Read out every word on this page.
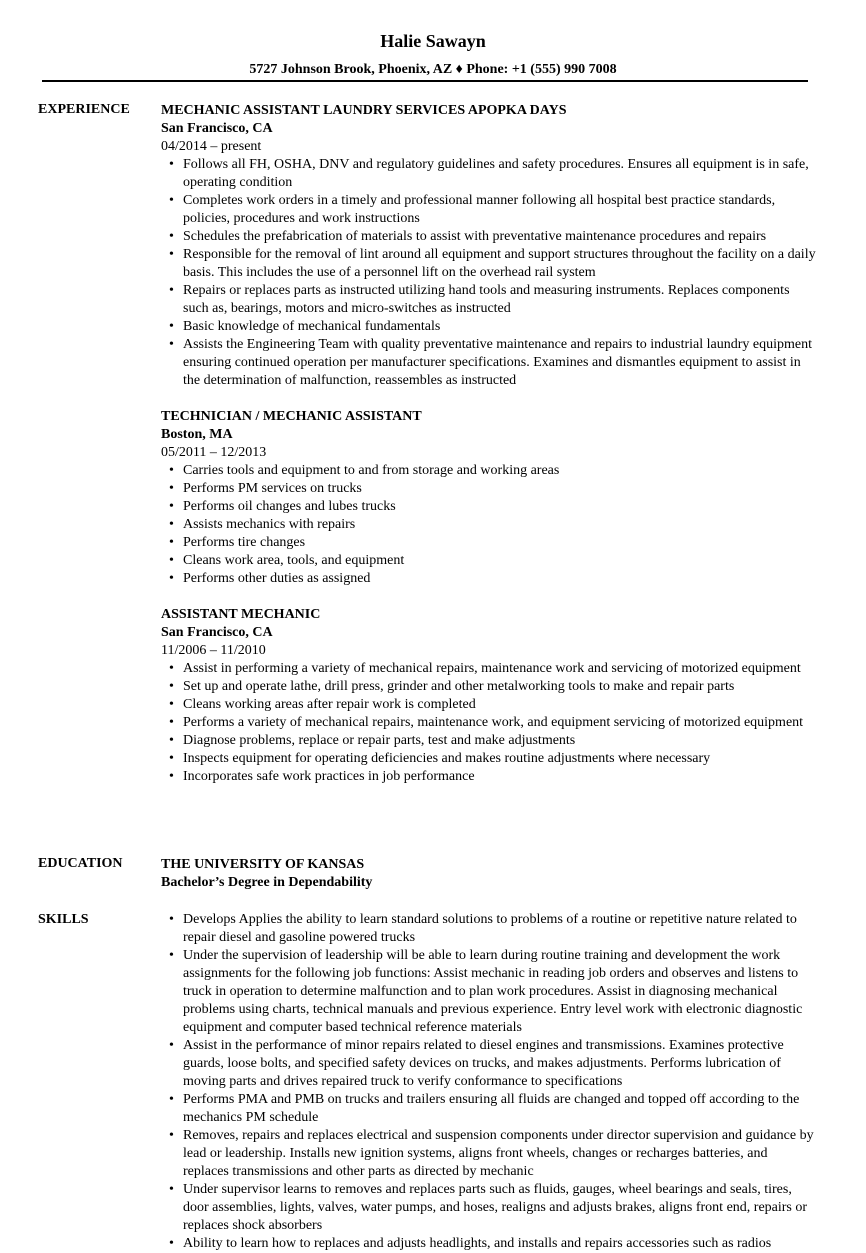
Halie Sawayn
5727 Johnson Brook, Phoenix, AZ ♦ Phone: +1 (555) 990 7008
EXPERIENCE MECHANIC ASSISTANT LAUNDRY SERVICES APOPKA DAYS
San Francisco, CA
04/2014 – present
• Follows all FH, OSHA, DNV and regulatory guidelines and safety procedures. Ensures all equipment is in safe, operating condition
• Completes work orders in a timely and professional manner following all hospital best practice standards, policies, procedures and work instructions
• Schedules the prefabrication of materials to assist with preventative maintenance procedures and repairs
• Responsible for the removal of lint around all equipment and support structures throughout the facility on a daily basis. This includes the use of a personnel lift on the overhead rail system
• Repairs or replaces parts as instructed utilizing hand tools and measuring instruments. Replaces components such as, bearings, motors and micro-switches as instructed
• Basic knowledge of mechanical fundamentals
• Assists the Engineering Team with quality preventative maintenance and repairs to industrial laundry equipment ensuring continued operation per manufacturer specifications. Examines and dismantles equipment to assist in the determination of malfunction, reassembles as instructed
TECHNICIAN / MECHANIC ASSISTANT
Boston, MA
05/2011 – 12/2013
• Carries tools and equipment to and from storage and working areas
• Performs PM services on trucks
• Performs oil changes and lubes trucks
• Assists mechanics with repairs
• Performs tire changes
• Cleans work area, tools, and equipment
• Performs other duties as assigned
ASSISTANT MECHANIC
San Francisco, CA
11/2006 – 11/2010
• Assist in performing a variety of mechanical repairs, maintenance work and servicing of motorized equipment
• Set up and operate lathe, drill press, grinder and other metalworking tools to make and repair parts
• Cleans working areas after repair work is completed
• Performs a variety of mechanical repairs, maintenance work, and equipment servicing of motorized equipment
• Diagnose problems, replace or repair parts, test and make adjustments
• Inspects equipment for operating deficiencies and makes routine adjustments where necessary
• Incorporates safe work practices in job performance
EDUCATION	THE UNIVERSITY OF KANSAS
Bachelor’s Degree in Dependability
SKILLS
•	Develops Applies the ability to learn standard solutions to problems of a routine or repetitive nature related to repair diesel and gasoline powered trucks
• Under the supervision of leadership will be able to learn during routine training and development the work assignments for the following job functions: Assist mechanic in reading job orders and observes and listens to truck in operation to determine malfunction and to plan work procedures. Assist in diagnosing mechanical problems using charts, technical manuals and previous experience. Entry level work with electronic diagnostic equipment and computer based technical reference materials
• Assist in the performance of minor repairs related to diesel engines and transmissions. Examines protective guards, loose bolts, and specified safety devices on trucks, and makes adjustments. Performs lubrication of moving parts and drives repaired truck to verify conformance to specifications
• Performs PMA and PMB on trucks and trailers ensuring all fluids are changed and topped off according to the mechanics PM schedule
• Removes, repairs and replaces electrical and suspension components under director supervision and guidance by lead or leadership. Installs new ignition systems, aligns front wheels, changes or recharges batteries, and replaces transmissions and other parts as directed by mechanic
• Under supervisor learns to removes and replaces parts such as fluids, gauges, wheel bearings and seals, tires, door assemblies, lights, valves, water pumps, and hoses, realigns and adjusts brakes, aligns front end, repairs or replaces shock absorbers
• Ability to learn how to replaces and adjusts headlights, and installs and repairs accessories such as radios
